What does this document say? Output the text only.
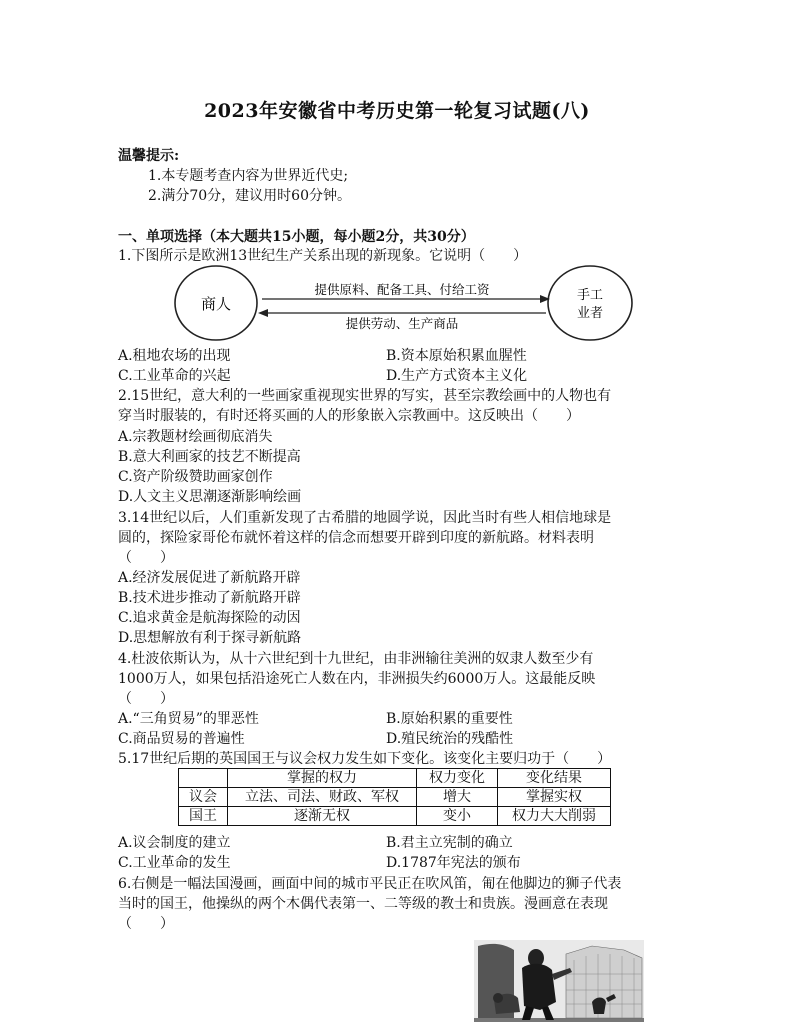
2023年安徽省中考历史第一轮复习试题(八)
温馨提示:
1.本专题考查内容为世界近代史;
2.满分70分，建议用时60分钟。
一、单项选择（本大题共15小题，每小题2分，共30分）
1.下图所示是欧洲13世纪生产关系出现的新现象。它说明（　　）
商人	手工
业者
提供原料、配备工具、付给工资
提供劳动、生产商品
A.租地农场的出现	B.资本原始积累血腥性
C.工业革命的兴起	D.生产方式资本主义化
2.15世纪，意大利的一些画家重视现实世界的写实，甚至宗教绘画中的人物也有
穿当时服装的，有时还将买画的人的形象嵌入宗教画中。这反映出（　　）
A.宗教题材绘画彻底消失
B.意大利画家的技艺不断提高
C.资产阶级赞助画家创作
D.人文主义思潮逐渐影响绘画
3.14世纪以后，人们重新发现了古希腊的地圆学说，因此当时有些人相信地球是
圆的，探险家哥伦布就怀着这样的信念而想要开辟到印度的新航路。材料表明
（　　）
A.经济发展促进了新航路开辟
B.技术进步推动了新航路开辟
C.追求黄金是航海探险的动因
D.思想解放有利于探寻新航路
4.杜波依斯认为，从十六世纪到十九世纪，由非洲输往美洲的奴隶人数至少有
1000万人，如果包括沿途死亡人数在内，非洲损失约6000万人。这最能反映
（　　）
A.“三角贸易”的罪恶性	B.原始积累的重要性
C.商品贸易的普遍性	D.殖民统治的残酷性
5.17世纪后期的英国国王与议会权力发生如下变化。该变化主要归功于（　　）
	掌握的权力	权力变化	变化结果
议会	立法、司法、财政、军权	增大	掌握实权
国王	逐渐无权	变小	权力大大削弱
A.议会制度的建立	B.君主立宪制的确立
C.工业革命的发生	D.1787年宪法的颁布
6.右侧是一幅法国漫画，画面中间的城市平民正在吹风笛，匍在他脚边的狮子代表
当时的国王，他操纵的两个木偶代表第一、二等级的教士和贵族。漫画意在表现
（　　）
